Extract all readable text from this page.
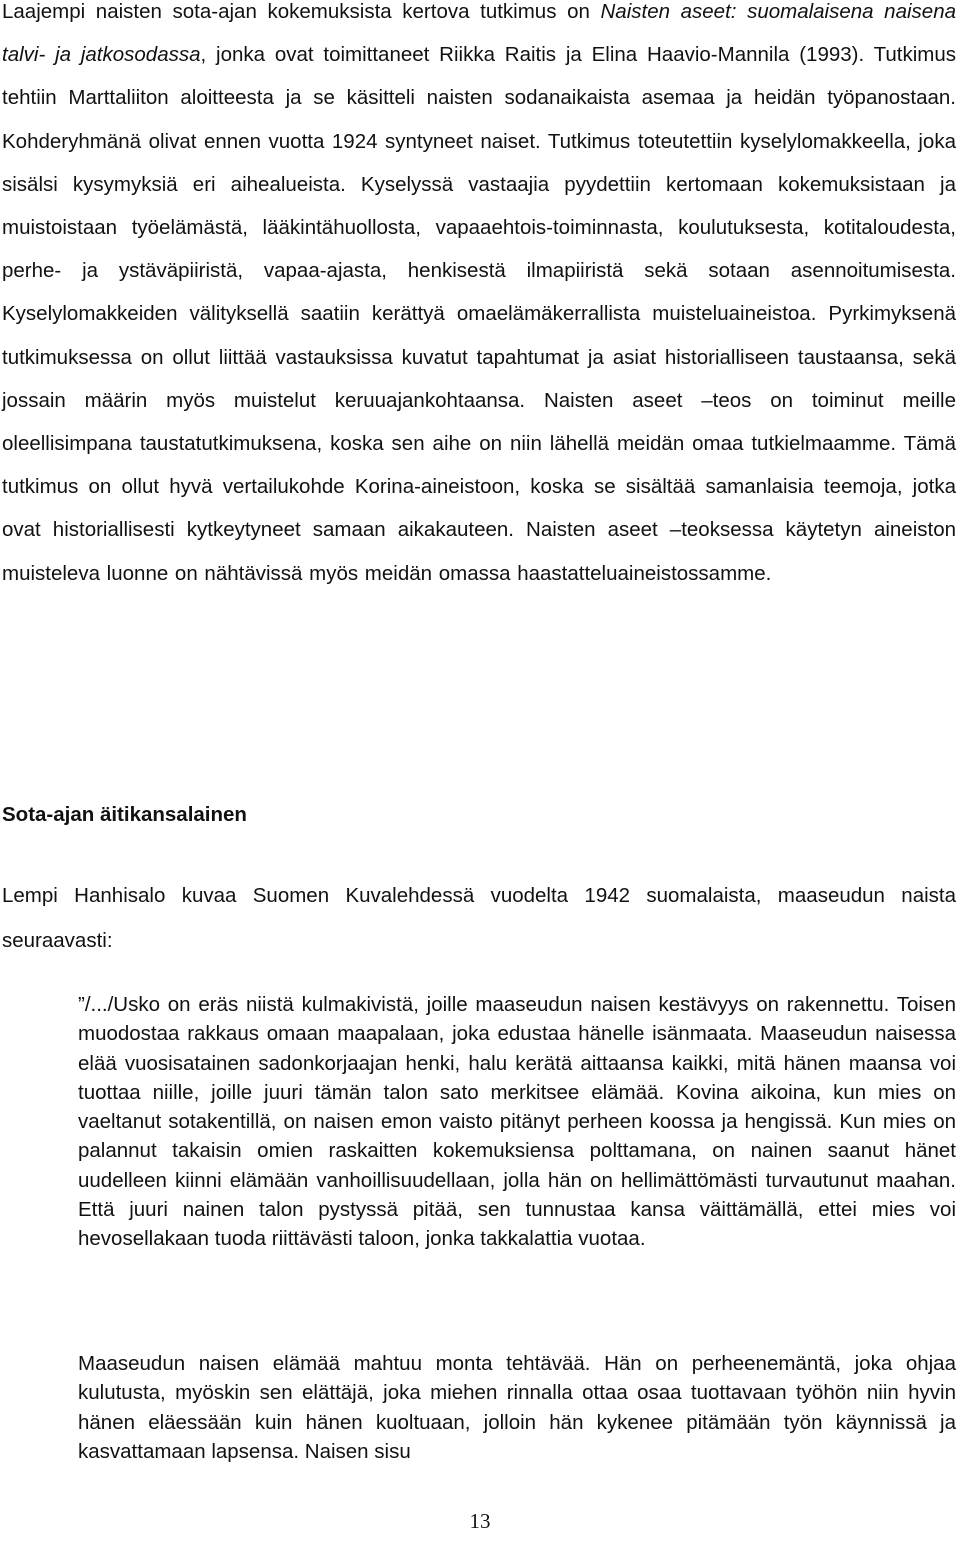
Laajempi naisten sota-ajan kokemuksista kertova tutkimus on Naisten aseet: suomalaisena naisena talvi- ja jatkosodassa, jonka ovat toimittaneet Riikka Raitis ja Elina Haavio-Mannila (1993). Tutkimus tehtiin Marttaliiton aloitteesta ja se käsitteli naisten sodanaikaista asemaa ja heidän työpanostaan. Kohderyhmänä olivat ennen vuotta 1924 syntyneet naiset. Tutkimus toteutettiin kyselylomakkeella, joka sisälsi kysymyksiä eri aihealueista. Kyselyssä vastaajia pyydettiin kertomaan kokemuksistaan ja muistoistaan työelämästä, lääkintähuollosta, vapaaehtois-toiminnasta, koulutuksesta, kotitaloudesta, perhe- ja ystäväpiiristä, vapaa-ajasta, henkisestä ilmapiiristä sekä sotaan asennoitumisesta. Kyselylomakkeiden välityksellä saatiin kerättyä omaelämäkerrallista muisteluaineistoa. Pyrkimyksenä tutkimuksessa on ollut liittää vastauksissa kuvatut tapahtumat ja asiat historialliseen taustaansa, sekä jossain määrin myös muistelut keruuajankohtaansa. Naisten aseet –teos on toiminut meille oleellisimpana taustatutkimuksena, koska sen aihe on niin lähellä meidän omaa tutkielmaamme. Tämä tutkimus on ollut hyvä vertailukohde Korina-aineistoon, koska se sisältää samanlaisia teemoja, jotka ovat historiallisesti kytkeytyneet samaan aikakauteen. Naisten aseet –teoksessa käytetyn aineiston muisteleva luonne on nähtävissä myös meidän omassa haastatteluaineistossamme.

Sota-ajan äitikansalainen

Lempi Hanhisalo kuvaa Suomen Kuvalehdessä vuodelta 1942 suomalaista, maaseudun naista seuraavasti:

”/.../Usko on eräs niistä kulmakivistä, joille maaseudun naisen kestävyys on rakennettu. Toisen muodostaa rakkaus omaan maapalaan, joka edustaa hänelle isänmaata. Maaseudun naisessa elää vuosisatainen sadonkorjaajan henki, halu kerätä aittaansa kaikki, mitä hänen maansa voi tuottaa niille, joille juuri tämän talon sato merkitsee elämää. Kovina aikoina, kun mies on vaeltanut sotakentillä, on naisen emon vaisto pitänyt perheen koossa ja hengissä. Kun mies on palannut takaisin omien raskaitten kokemuksiensa polttamana, on nainen saanut hänet uudelleen kiinni elämään vanhoillisuudellaan, jolla hän on hellimättömästi turvautunut maahan. Että juuri nainen talon pystyssä pitää, sen tunnustaa kansa väittämällä, ettei mies voi hevosellakaan tuoda riittävästi taloon, jonka takkalattia vuotaa.

Maaseudun naisen elämää mahtuu monta tehtävää. Hän on perheenemäntä, joka ohjaa kulutusta, myöskin sen elättäjä, joka miehen rinnalla ottaa osaa tuottavaan työhön niin hyvin hänen eläessään kuin hänen kuoltuaan, jolloin hän kykenee pitämään työn käynnissä ja kasvattamaan lapsensa. Naisen sisu

13
